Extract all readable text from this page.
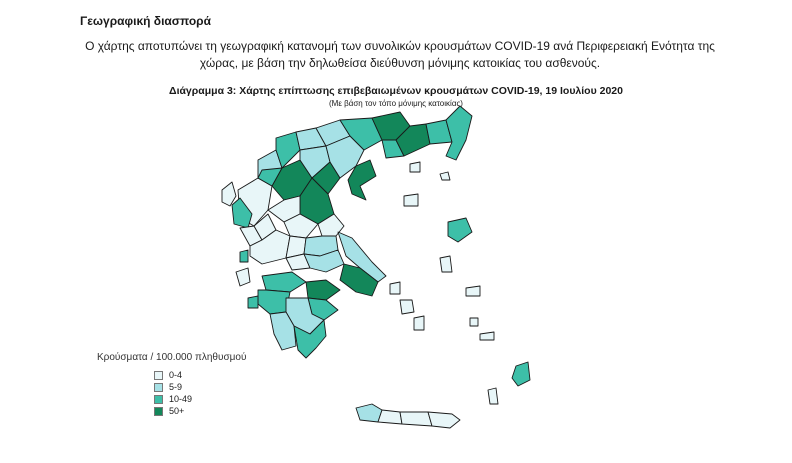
Γεωγραφική διασπορά
Ο χάρτης αποτυπώνει τη γεωγραφική κατανομή των συνολικών κρουσμάτων COVID-19 ανά Περιφερειακή Ενότητα της χώρας, με βάση την δηλωθείσα διεύθυνση μόνιμης κατοικίας του ασθενούς.
Διάγραμμα 3: Χάρτης επίπτωσης επιβεβαιωμένων κρουσμάτων COVID-19, 19 Ιουλίου 2020
(Με βάση τον τόπο μόνιμης κατοικίας)
Κρούσματα / 100.000 πληθυσμού
0-4
5-9
10-49
50+
